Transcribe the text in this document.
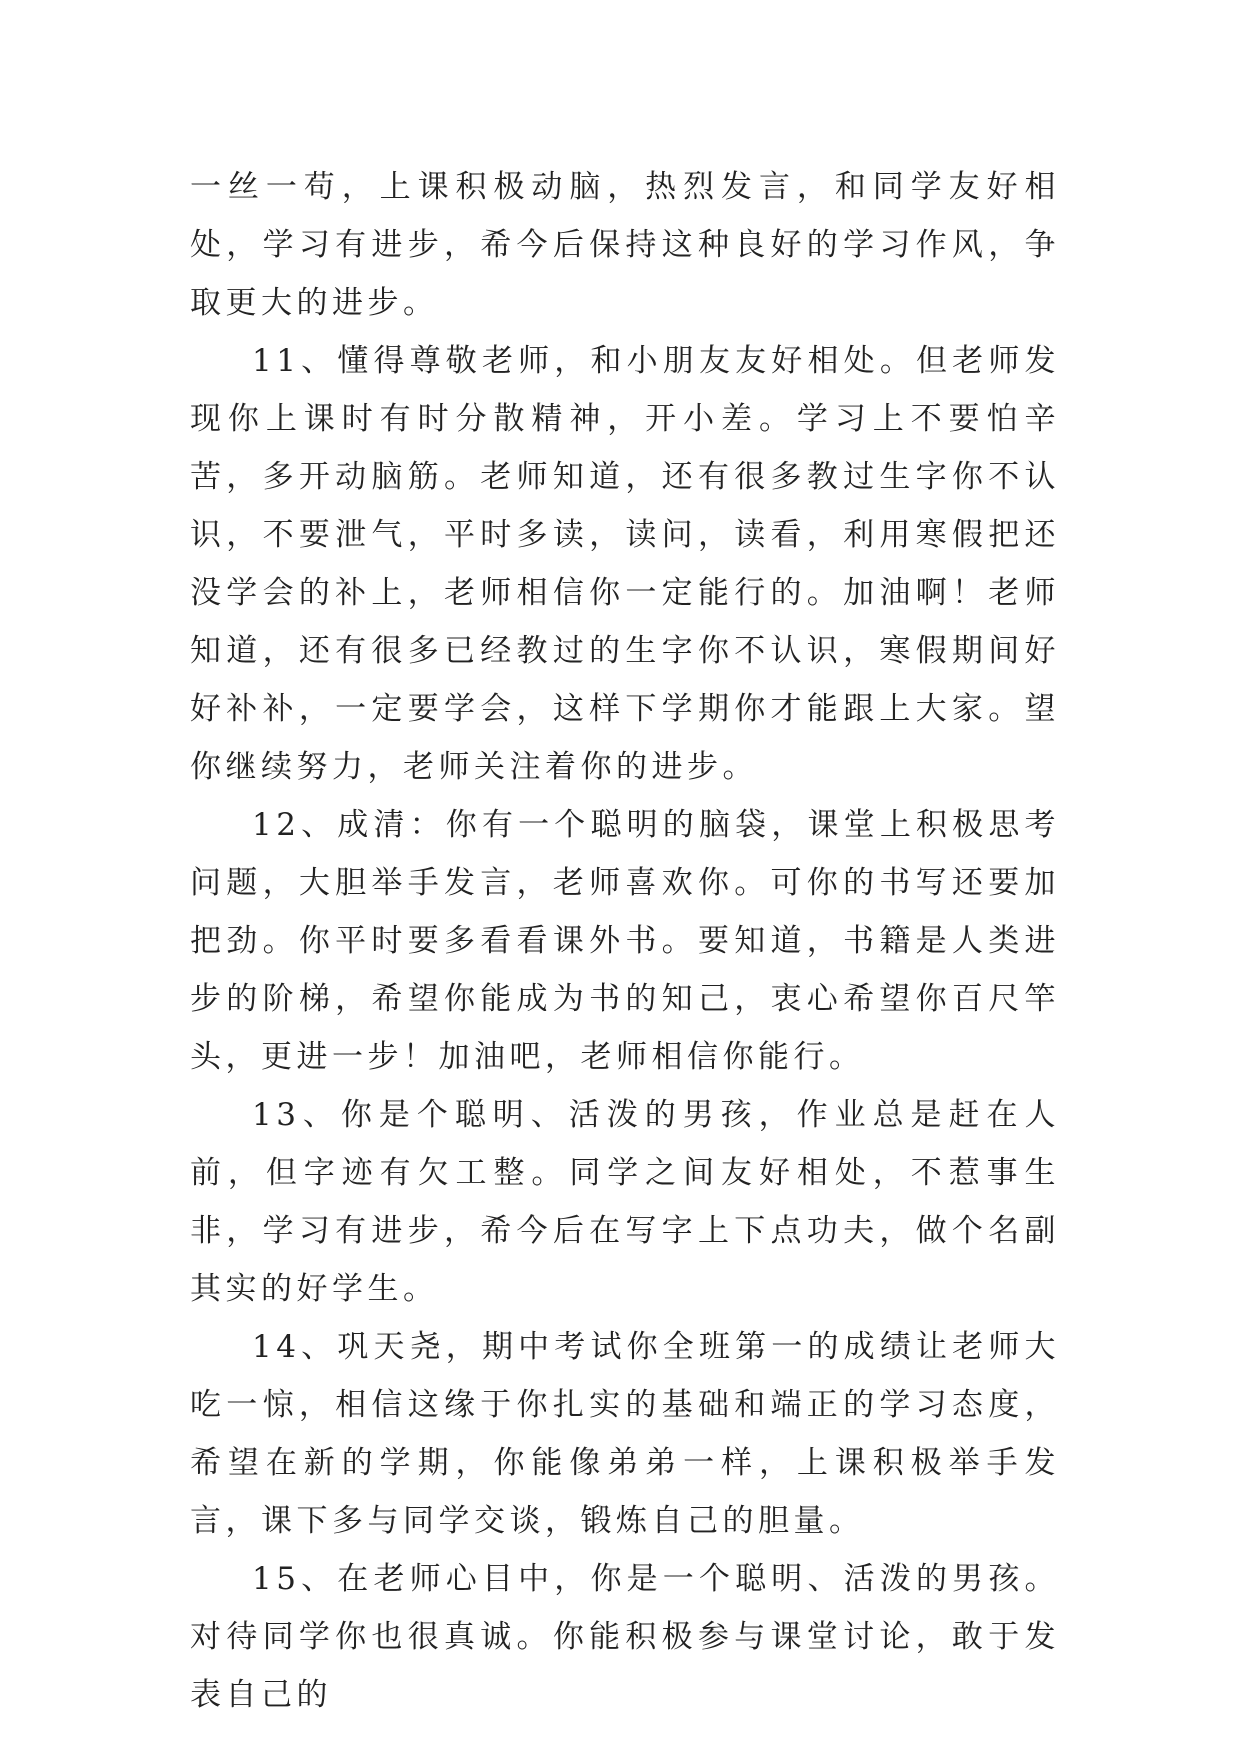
一丝一苟，上课积极动脑，热烈发言，和同学友好相处，学习有进步，希今后保持这种良好的学习作风，争取更大的进步。

11、懂得尊敬老师，和小朋友友好相处。但老师发现你上课时有时分散精神，开小差。学习上不要怕辛苦，多开动脑筋。老师知道，还有很多教过生字你不认识，不要泄气，平时多读，读问，读看，利用寒假把还没学会的补上，老师相信你一定能行的。加油啊！老师知道，还有很多已经教过的生字你不认识，寒假期间好好补补，一定要学会，这样下学期你才能跟上大家。望你继续努力，老师关注着你的进步。

12、成清：你有一个聪明的脑袋，课堂上积极思考问题，大胆举手发言，老师喜欢你。可你的书写还要加把劲。你平时要多看看课外书。要知道，书籍是人类进步的阶梯，希望你能成为书的知己，衷心希望你百尺竿头，更进一步！加油吧，老师相信你能行。

13、你是个聪明、活泼的男孩，作业总是赶在人前，但字迹有欠工整。同学之间友好相处，不惹事生非，学习有进步，希今后在写字上下点功夫，做个名副其实的好学生。

14、巩天尧，期中考试你全班第一的成绩让老师大吃一惊，相信这缘于你扎实的基础和端正的学习态度，希望在新的学期，你能像弟弟一样，上课积极举手发言，课下多与同学交谈，锻炼自己的胆量。

15、在老师心目中，你是一个聪明、活泼的男孩。对待同学你也很真诚。你能积极参与课堂讨论，敢于发表自己的
